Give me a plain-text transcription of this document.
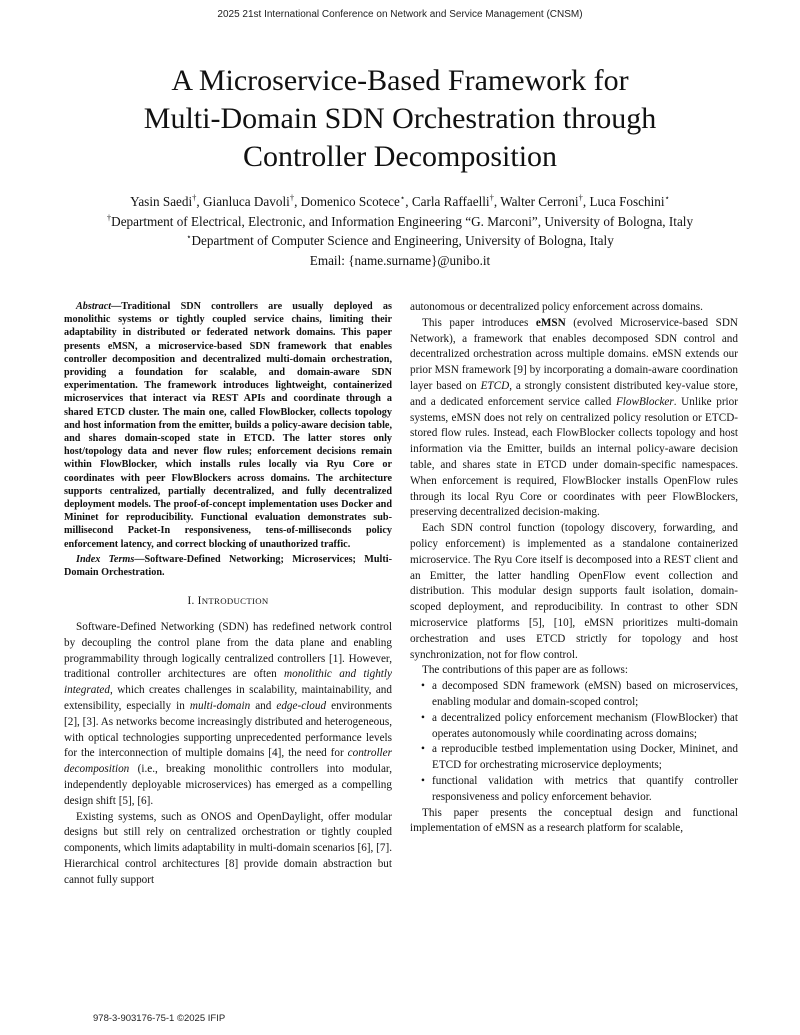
2025 21st International Conference on Network and Service Management (CNSM)
A Microservice-Based Framework for
Multi-Domain SDN Orchestration through
Controller Decomposition
Yasin Saedi†, Gianluca Davoli†, Domenico Scotece⋆, Carla Raffaelli†, Walter Cerroni†, Luca Foschini⋆
†Department of Electrical, Electronic, and Information Engineering “G. Marconi”, University of Bologna, Italy
⋆Department of Computer Science and Engineering, University of Bologna, Italy
Email: {name.surname}@unibo.it

Abstract—Traditional SDN controllers are usually deployed as monolithic systems or tightly coupled service chains, limiting their adaptability in distributed or federated network domains. This paper presents eMSN, a microservice-based SDN framework that enables controller decomposition and decentralized multi-domain orchestration, providing a foundation for scalable, and domain-aware SDN experimentation. The framework introduces lightweight, containerized microservices that interact via REST APIs and coordinate through a shared ETCD cluster. The main one, called FlowBlocker, collects topology and host information from the emitter, builds a policy-aware decision table, and shares domain-scoped state in ETCD. The latter stores only host/topology data and never flow rules; enforcement decisions remain within FlowBlocker, which installs rules locally via Ryu Core or coordinates with peer FlowBlockers across domains. The architecture supports centralized, partially decentralized, and fully decentralized deployment models. The proof-of-concept implementation uses Docker and Mininet for reproducibility. Functional evaluation demonstrates sub-millisecond Packet-In responsiveness, tens-of-milliseconds policy enforcement latency, and correct blocking of unauthorized traffic.

Index Terms—Software-Defined Networking; Microservices; Multi-Domain Orchestration.

I. INTRODUCTION

Software-Defined Networking (SDN) has redefined network control by decoupling the control plane from the data plane and enabling programmability through logically centralized controllers [1]. However, traditional controller architectures are often monolithic and tightly integrated, which creates challenges in scalability, maintainability, and extensibility, especially in multi-domain and edge-cloud environments [2], [3]. As networks become increasingly distributed and heterogeneous, with optical technologies supporting unprecedented performance levels for the interconnection of multiple domains [4], the need for controller decomposition (i.e., breaking monolithic controllers into modular, independently deployable microservices) has emerged as a compelling design shift [5], [6].

Existing systems, such as ONOS and OpenDaylight, offer modular designs but still rely on centralized orchestration or tightly coupled components, which limits adaptability in multi-domain scenarios [6], [7]. Hierarchical control architectures [8] provide domain abstraction but cannot fully support

autonomous or decentralized policy enforcement across domains.

This paper introduces eMSN (evolved Microservice-based SDN Network), a framework that enables decomposed SDN control and decentralized orchestration across multiple domains. eMSN extends our prior MSN framework [9] by incorporating a domain-aware coordination layer based on ETCD, a strongly consistent distributed key-value store, and a dedicated enforcement service called FlowBlocker. Unlike prior systems, eMSN does not rely on centralized policy resolution or ETCD-stored flow rules. Instead, each FlowBlocker collects topology and host information via the Emitter, builds an internal policy-aware decision table, and shares state in ETCD under domain-specific namespaces. When enforcement is required, FlowBlocker installs OpenFlow rules through its local Ryu Core or coordinates with peer FlowBlockers, preserving decentralized decision-making.

Each SDN control function (topology discovery, forwarding, and policy enforcement) is implemented as a standalone containerized microservice. The Ryu Core itself is decomposed into a REST client and an Emitter, the latter handling OpenFlow event collection and distribution. This modular design supports fault isolation, domain-scoped deployment, and reproducibility. In contrast to other SDN microservice platforms [5], [10], eMSN prioritizes multi-domain orchestration and uses ETCD strictly for topology and host synchronization, not for flow control.

The contributions of this paper are as follows:

• a decomposed SDN framework (eMSN) based on microservices, enabling modular and domain-scoped control;
• a decentralized policy enforcement mechanism (FlowBlocker) that operates autonomously while coordinating across domains;
• a reproducible testbed implementation using Docker, Mininet, and ETCD for orchestrating microservice deployments;
• functional validation with metrics that quantify controller responsiveness and policy enforcement behavior.

This paper presents the conceptual design and functional implementation of eMSN as a research platform for scalable,

978-3-903176-75-1 ©2025 IFIP
